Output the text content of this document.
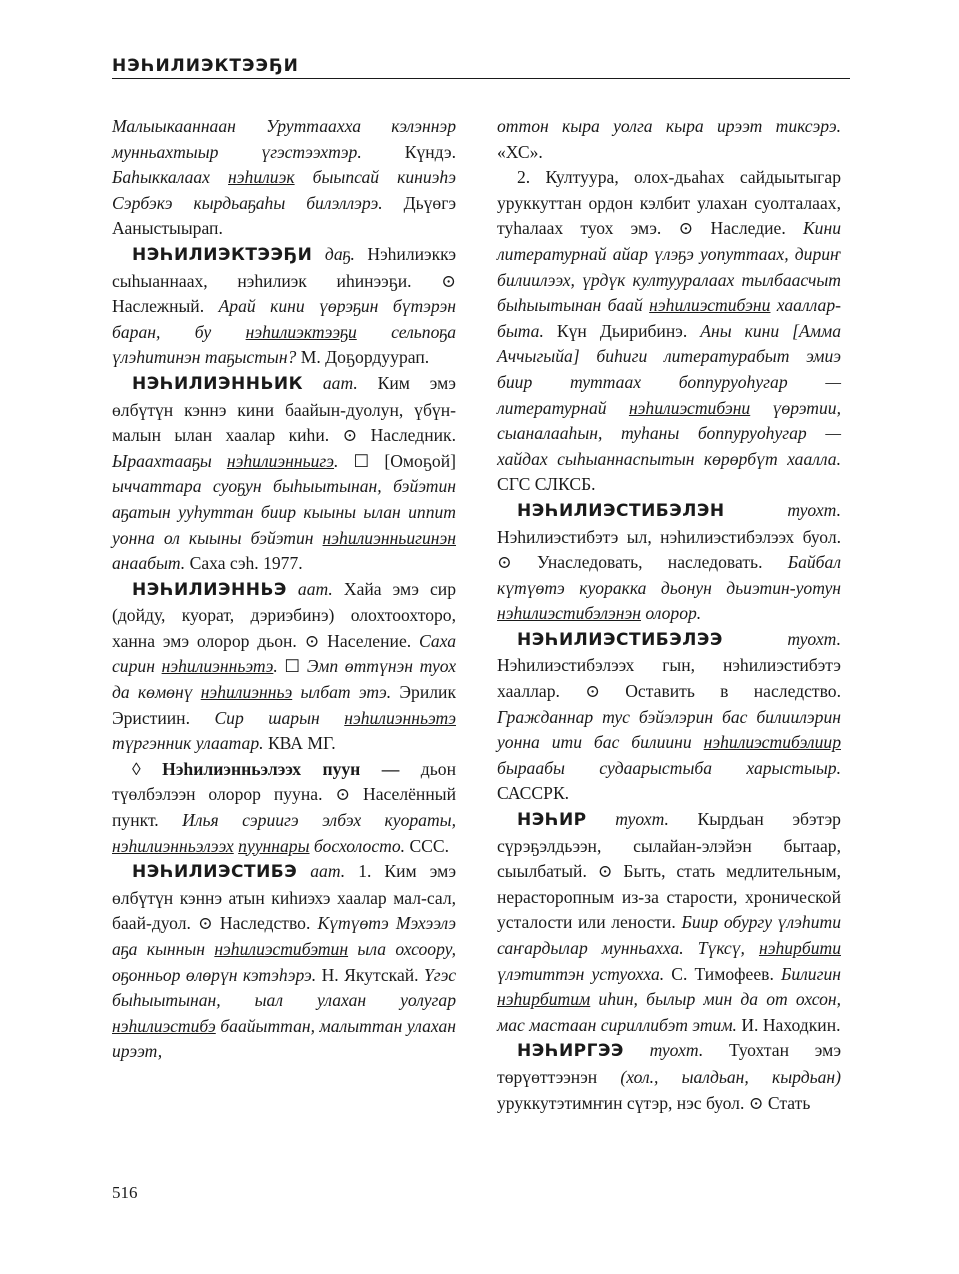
НЭҺИЛИЭКТЭЭҔИ

Малыыкааннаан Уруттаахха кэлэннэр мунньахтыыр үгэстээхтэр. Күндэ. Баһыккалаах нэһилиэк быыпсай киниэһэ Сэрбэкэ кырдьаҕаһы билэллэрэ. Дьүөгэ Ааныстыырап.

НЭҺИЛИЭКТЭЭҔИ даҕ. Нэһилиэккэ сыһыаннаах, нэһилиэк иһинээҕи. ⊙ Наслежный. Арай кини үөрэҕин бүтэрэн баран, бу нэһилиэктээҕи сельпоҕа үлэһитинэн таҕыстын? М. Доҕордуурап.

НЭҺИЛИЭННЬИК аат. Ким эмэ өлбүтүн кэннэ кини баайын-дуолун, үбүн-малын ылан хаалар киһи. ⊙ Наследник. Ыраахтааҕы нэһилиэнньигэ. ☐ [Омоҕой] ыччаттара суоҕун быһыытынан, бэйэтин аҕатын ууһуттан биир кыыны ылан иппит уонна ол кыыны бэйэтин нэһилиэнньигинэн анаабыт. Саха сэһ. 1977.

НЭҺИЛИЭННЬЭ аат. Хайа эмэ сир (дойду, куорат, дэриэбинэ) олохтоохторо, ханна эмэ олорор дьон. ⊙ Население. Саха сирин нэһилиэнньэтэ. ☐ Эмп өттүнэн туох да көмөнү нэһилиэнньэ ылбат этэ. Эрилик Эристиин. Сир шарын нэһилиэнньэтэ түргэнник улаатар. КВА МГ.

◊ Нэһилиэнньэлээх пуун — дьон түөлбэлээн олорор пууна. ⊙ Населённый пункт. Илья сэриигэ элбэх куораты, нэһилиэнньэлээх пууннары босхолосто. ССС.

НЭҺИЛИЭСТИБЭ аат. 1. Ким эмэ өлбүтүн кэннэ атын киһиэхэ хаалар мал-сал, баай-дуол. ⊙ Наследство. Күтүөтэ Мэхээлэ аҕа кыннын нэһилиэстибэтин ыла охсоору, оҕонньор өлөрүн кэтэһэрэ. Н. Якутскай. Үгэс быһыытынан, ыал улахан уолугар нэһилиэстибэ баайыттан, малыттан улахан ирээт,

оттон кыра уолга кыра ирээт тиксэрэ. «ХС».

2. Култуура, олох-дьаһах сайдыытыгар уруккуттан ордон кэлбит улахан суолталаах, туһалаах туох эмэ. ⊙ Наследие. Кини литературнай айар үлэҕэ уопуттаах, дириҥ билиилээх, үрдүк култууралаах тылбаасчыт быһыытынан баай нэһилиэстибэни хаалларбыта. Күн Дьирибинэ. Аны кини [Амма Аччыгыйа] биһиги литературабыт эмиэ биир туттаах боппуруоһугар — литературнай нэһилиэстибэни үөрэтии, сыаналааһын, туһаны боппуруоһугар — хайдах сыһыаннаспытын көрөрбүт хаалла. СГС СЛКСБ.

НЭҺИЛИЭСТИБЭЛЭН туохт. Нэһилиэстибэтэ ыл, нэһилиэстибэлээх буол. ⊙ Унаследовать, наследовать. Байбал күтүөтэ куоракка дьонун дьиэтин-уотун нэһилиэстибэлэнэн олорор.

НЭҺИЛИЭСТИБЭЛЭЭ туохт. Нэһилиэстибэлээх гын, нэһилиэстибэтэ хааллар. ⊙ Оставить в наследство. Гражданнар тус бэйэлэрин бас билиилэрин уонна ити бас билиини нэһилиэстибэлиир быраабы судаарыстыба харыстыыр. САССРК.

НЭҺИР туохт. Кырдьан эбэтэр сүрэҕэлдьээн, сылайан-элэйэн бытаар, сыылбатый. ⊙ Быть, стать медлительным, нерасторопным из-за старости, хронической усталости или лености. Биир обургу үлэһити саҥардылар мунньахха. Түксү, нэһирбити үлэтиттэн устуохха. С. Тимофеев. Билигин нэһирбитим иһин, былыр мин да от охсон, мас мастаан сириллибэт этим. И. Находкин.

НЭҺИРГЭЭ туохт. Туохтан эмэ төрүөттээнэн (хол., ыалдьан, кырдьан) уруккутэтимҥин сүтэр, нэс буол. ⊙ Стать

516
